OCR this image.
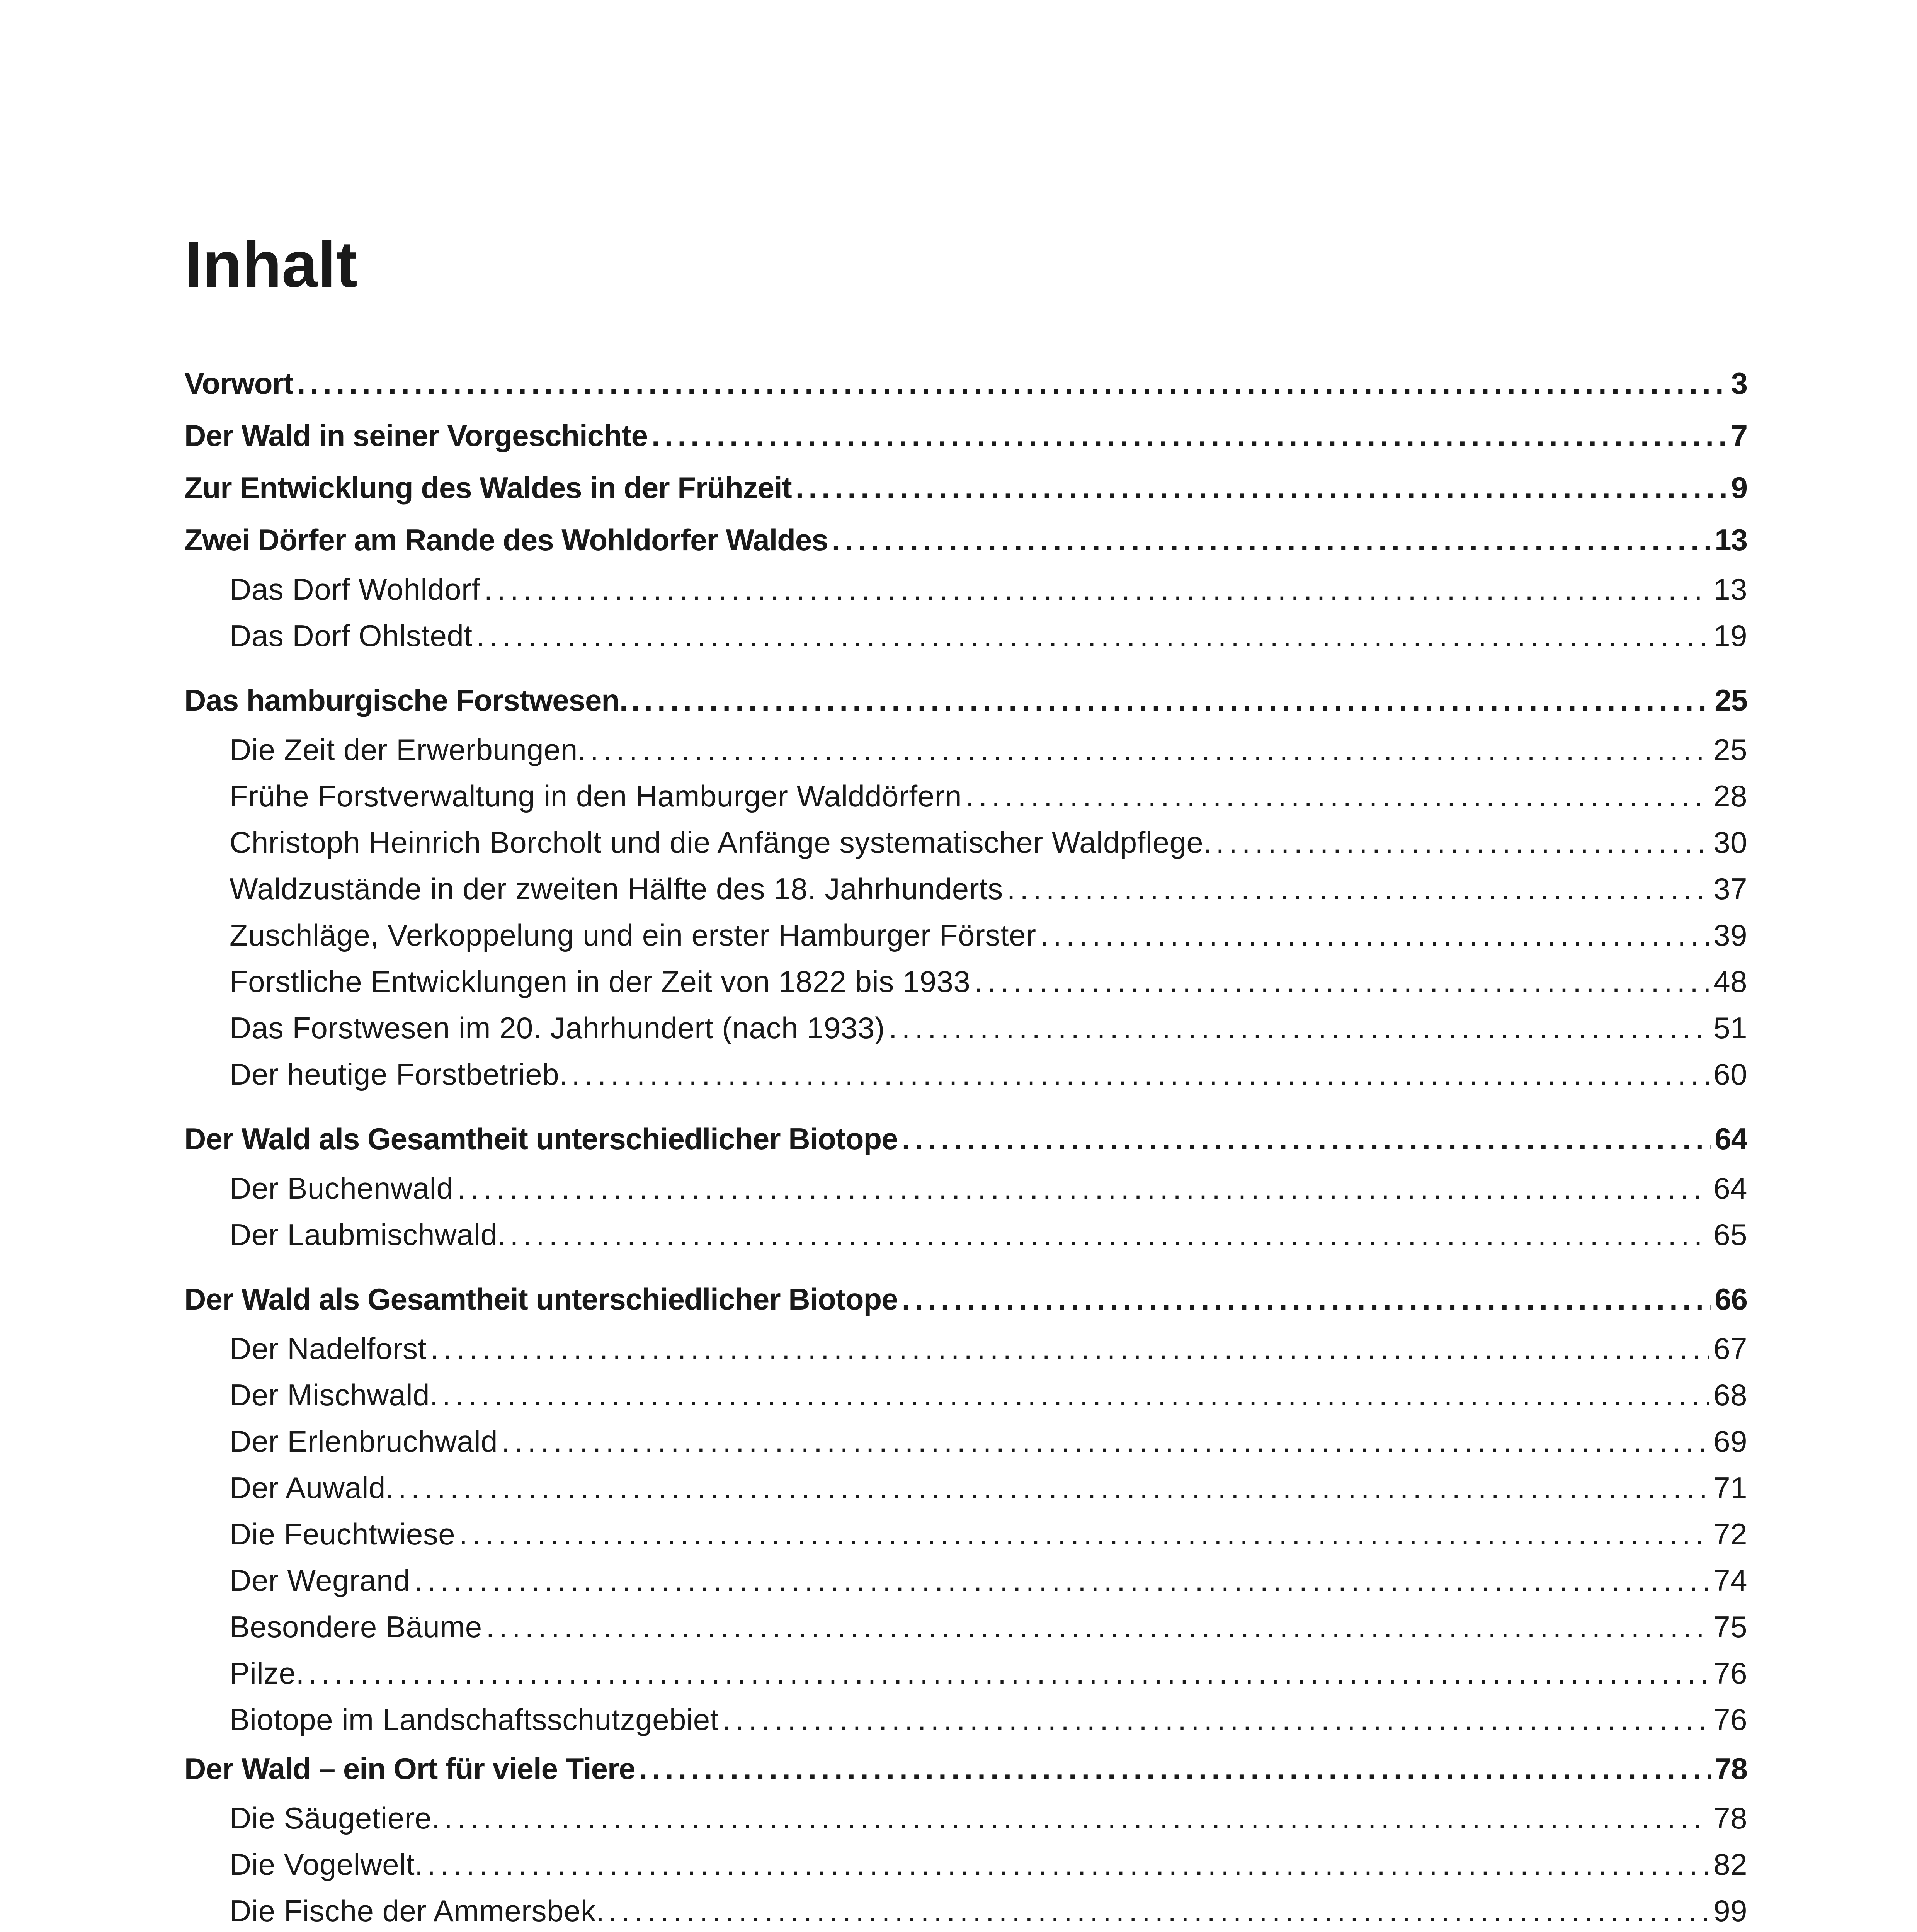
Inhalt
Vorwort .....	3
Der Wald in seiner Vorgeschichte .....	7
Zur Entwicklung des Waldes in der Frühzeit .....	9
Zwei Dörfer am Rande des Wohldorfer Waldes .....	13
Das Dorf Wohldorf .....	13
Das Dorf Ohlstedt .....	19
Das hamburgische Forstwesen. .....	25
Die Zeit der Erwerbungen. .....	25
Frühe Forstverwaltung in den Hamburger Walddörfern .....	28
Christoph Heinrich Borcholt und die Anfänge systematischer Waldpflege. .....	30
Waldzustände in der zweiten Hälfte des 18. Jahrhunderts .....	37
Zuschläge, Verkoppelung und ein erster Hamburger Förster .....	39
Forstliche Entwicklungen in der Zeit von 1822 bis 1933 .....	48
Das Forstwesen im 20. Jahrhundert (nach 1933) .....	51
Der heutige Forstbetrieb. .....	60
Der Wald als Gesamtheit unterschiedlicher Biotope .....	64
Der Buchenwald .....	64
Der Laubmischwald. .....	65
Der Wald als Gesamtheit unterschiedlicher Biotope .....	66
Der Nadelforst .....	67
Der Mischwald. .....	68
Der Erlenbruchwald .....	69
Der Auwald. .....	71
Die Feuchtwiese .....	72
Der Wegrand .....	74
Besondere Bäume .....	75
Pilze. .....	76
Biotope im Landschaftsschutzgebiet .....	76
Der Wald – ein Ort für viele Tiere .....	78
Die Säugetiere. .....	78
Die Vogelwelt. .....	82
Die Fische der Ammersbek. .....	99
